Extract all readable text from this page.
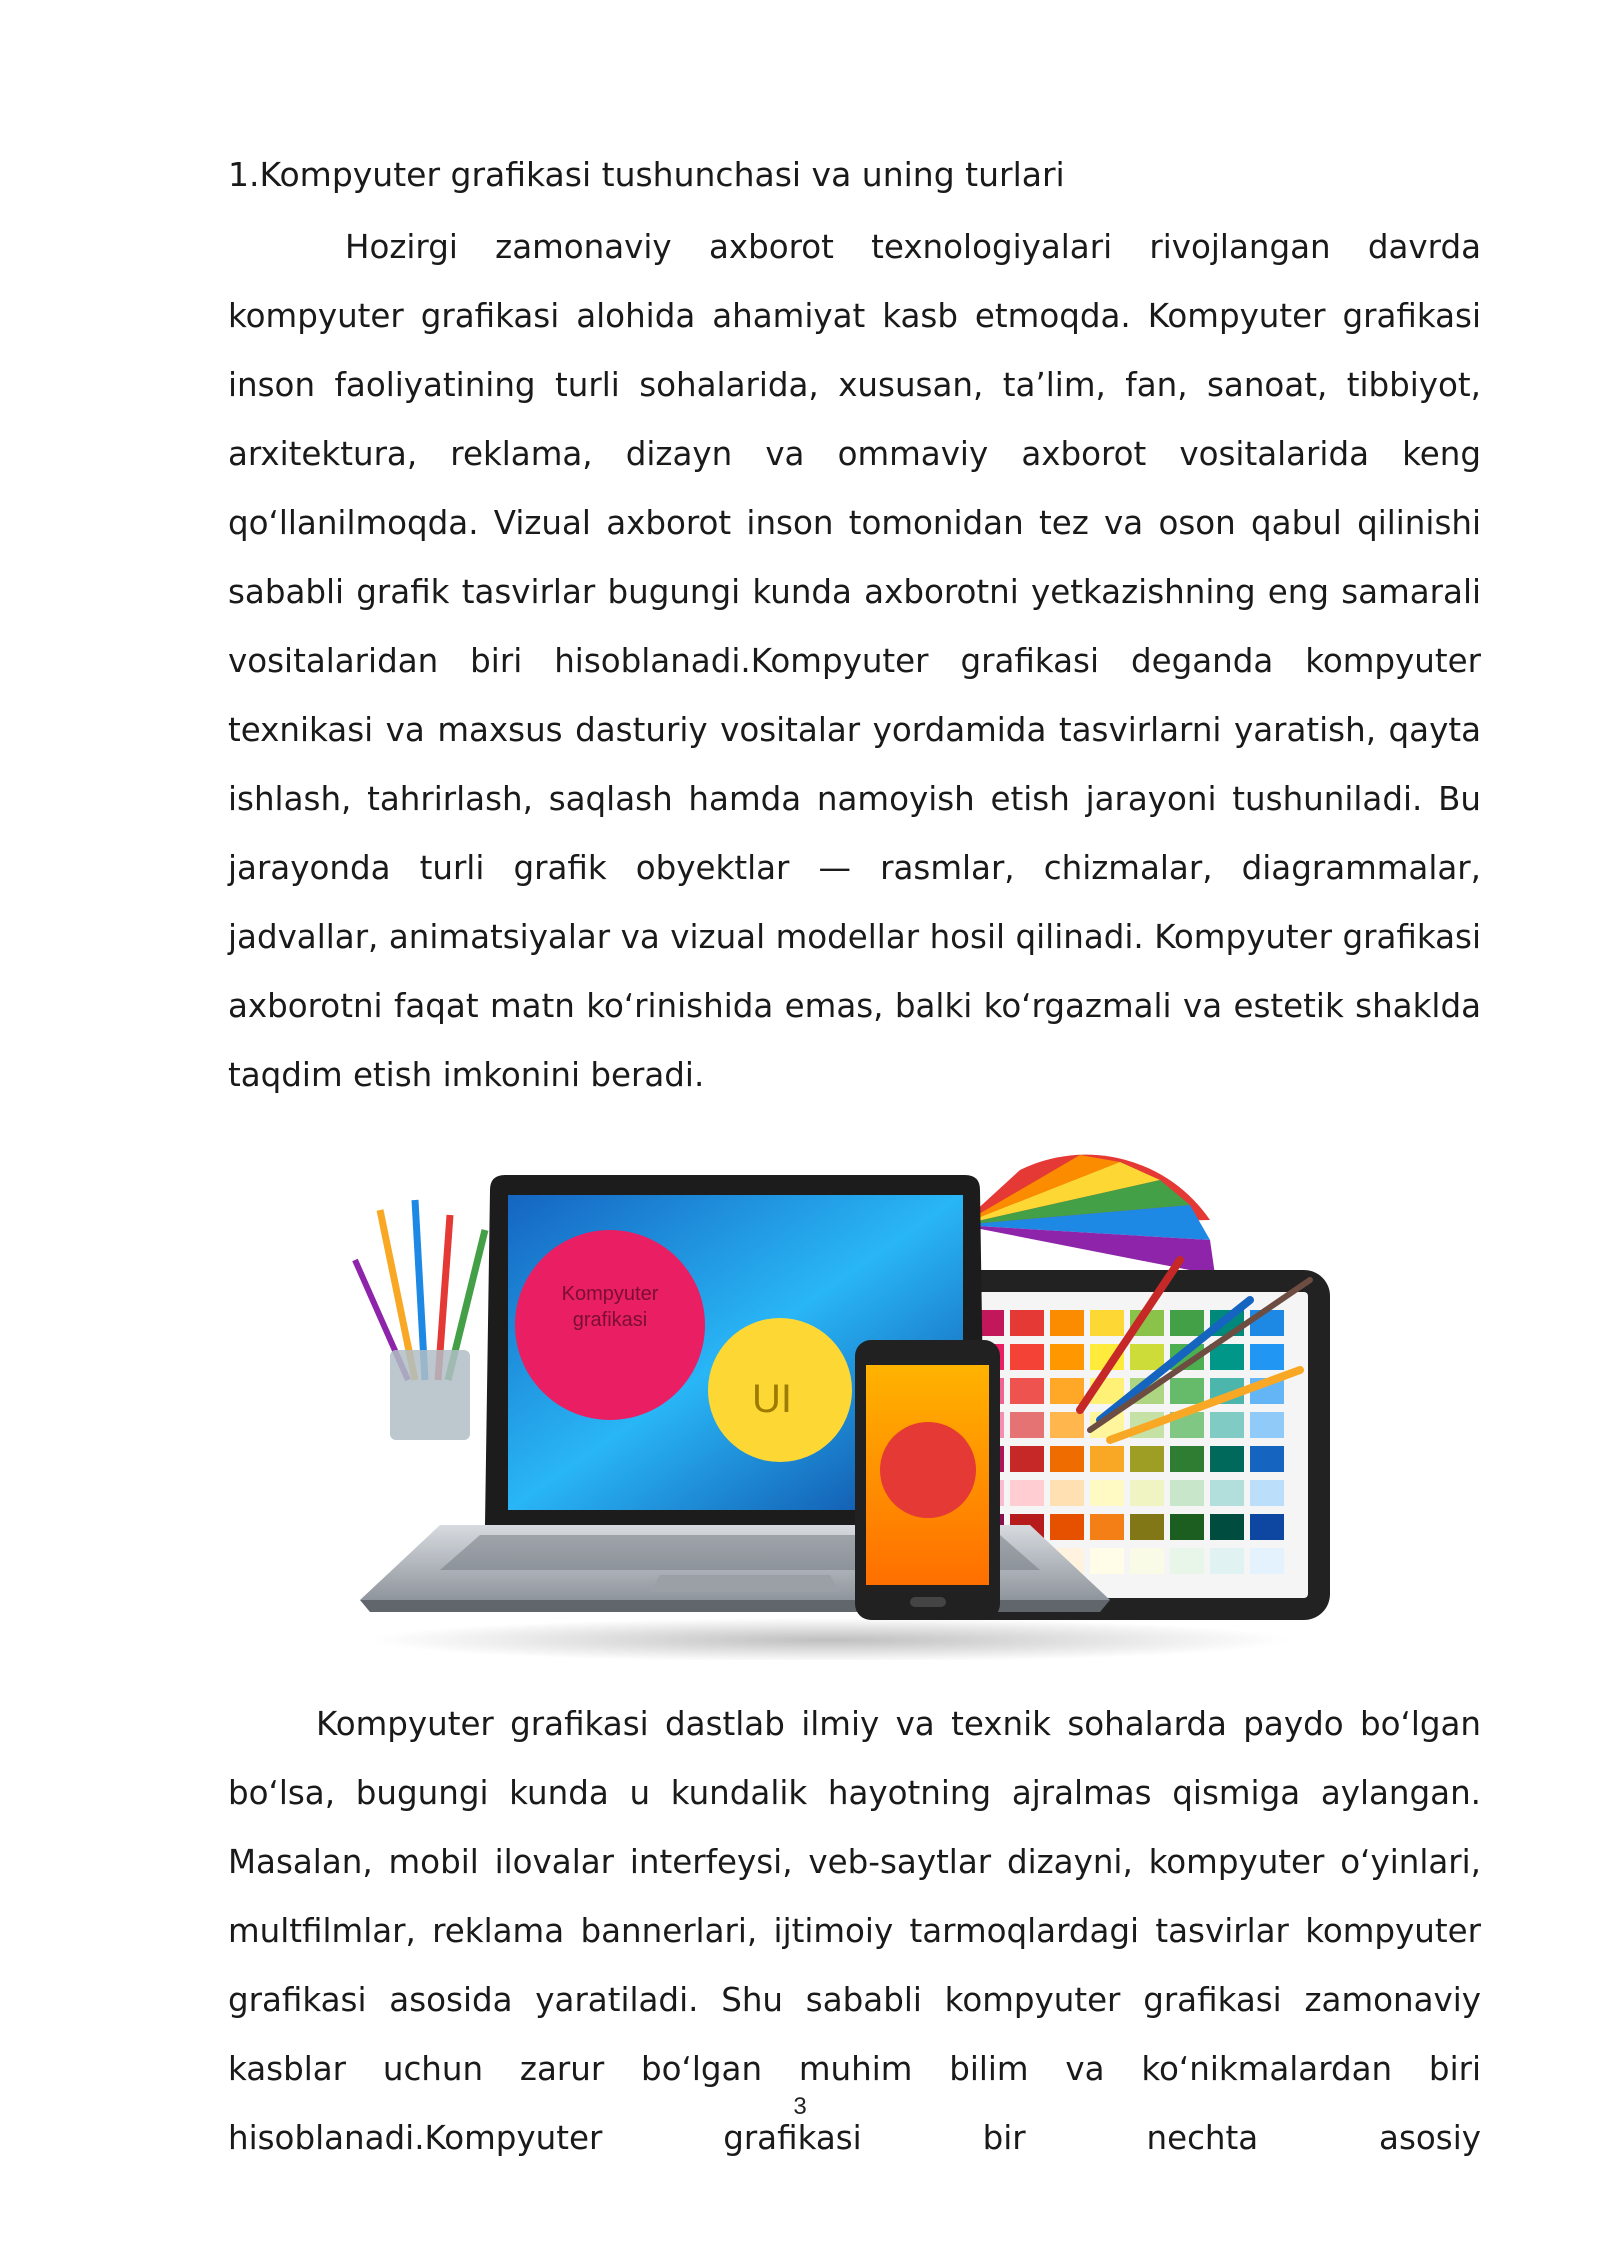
1.Kompyuter grafikasi tushunchasi va uning turlari

Hozirgi zamonaviy axborot texnologiyalari rivojlangan davrda kompyuter grafikasi alohida ahamiyat kasb etmoqda. Kompyuter grafikasi inson faoliyatining turli sohalarida, xususan, ta’lim, fan, sanoat, tibbiyot, arxitektura, reklama, dizayn va ommaviy axborot vositalarida keng qo‘llanilmoqda. Vizual axborot inson tomonidan tez va oson qabul qilinishi sababli grafik tasvirlar bugungi kunda axborotni yetkazishning eng samarali vositalaridan biri hisoblanadi.Kompyuter grafikasi deganda kompyuter texnikasi va maxsus dasturiy vositalar yordamida tasvirlarni yaratish, qayta ishlash, tahrirlash, saqlash hamda namoyish etish jarayoni tushuniladi. Bu jarayonda turli grafik obyektlar — rasmlar, chizmalar, diagrammalar, jadvallar, animatsiyalar va vizual modellar hosil qilinadi. Kompyuter grafikasi axborotni faqat matn ko‘rinishida emas, balki ko‘rgazmali va estetik shaklda taqdim etish imkonini beradi.

Kompyuter
grafikasi
UI

Kompyuter grafikasi dastlab ilmiy va texnik sohalarda paydo bo‘lgan bo‘lsa, bugungi kunda u kundalik hayotning ajralmas qismiga aylangan. Masalan, mobil ilovalar interfeysi, veb-saytlar dizayni, kompyuter o‘yinlari, multfilmlar, reklama bannerlari, ijtimoiy tarmoqlardagi tasvirlar kompyuter grafikasi asosida yaratiladi. Shu sababli kompyuter grafikasi zamonaviy kasblar uchun zarur bo‘lgan muhim bilim va ko‘nikmalardan biri hisoblanadi.Kompyuter grafikasi bir nechta asosiy

3
